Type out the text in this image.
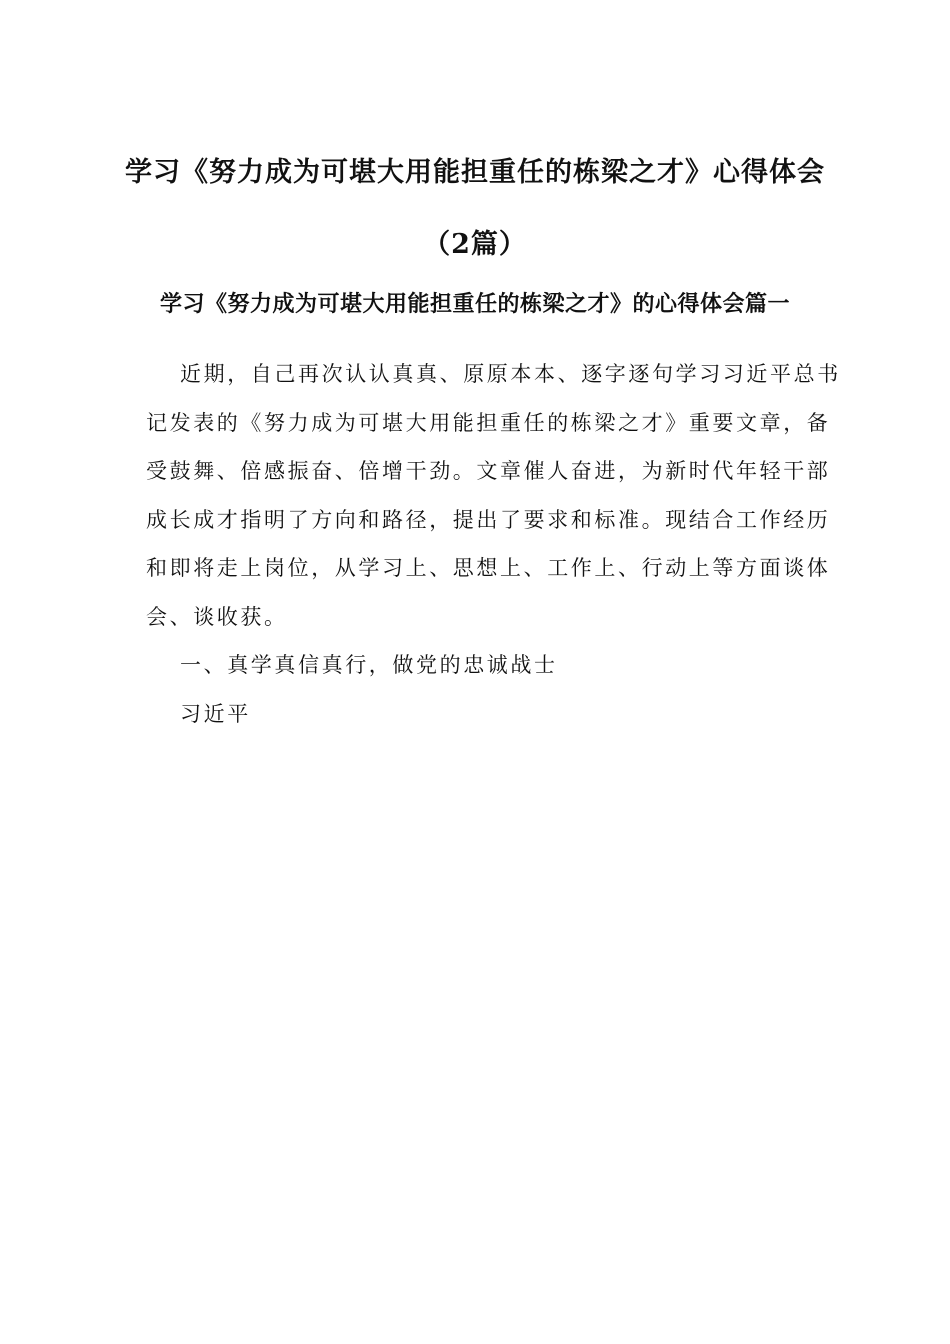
学习《努力成为可堪大用能担重任的栋梁之才》心得体会
（2篇）
学习《努力成为可堪大用能担重任的栋梁之才》的心得体会篇一
近期，自己再次认认真真、原原本本、逐字逐句学习习近平总书
记发表的《努力成为可堪大用能担重任的栋梁之才》重要文章，备
受鼓舞、倍感振奋、倍增干劲。文章催人奋进，为新时代年轻干部
成长成才指明了方向和路径，提出了要求和标准。现结合工作经历
和即将走上岗位，从学习上、思想上、工作上、行动上等方面谈体
会、谈收获。
一、真学真信真行，做党的忠诚战士
习近平
